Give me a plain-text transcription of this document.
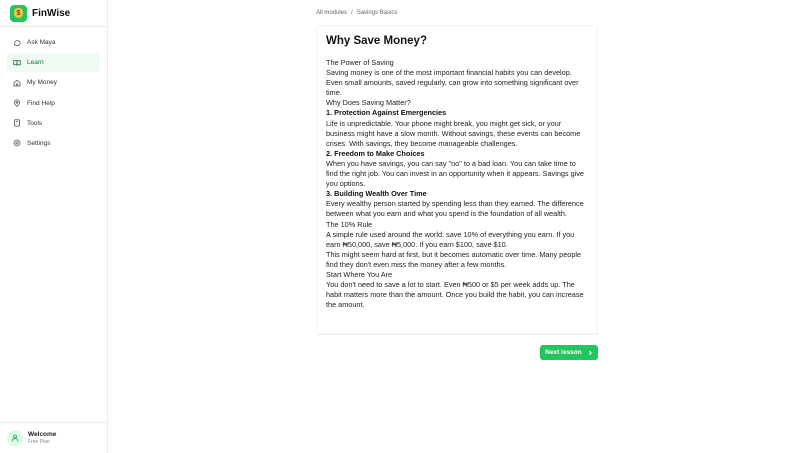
$ FinWise
Ask Maya
Learn
My Money
Find Help
Tools
Settings
Welcome
Free Plan
All modules / Savings Basics
Why Save Money?

The Power of Saving

Saving money is one of the most important financial habits you can develop. Even small amounts, saved regularly, can grow into something significant over time.

Why Does Saving Matter?

1. Protection Against Emergencies

Life is unpredictable. Your phone might break, you might get sick, or your business might have a slow month. Without savings, these events can become crises. With savings, they become manageable challenges.

2. Freedom to Make Choices

When you have savings, you can say "no" to a bad loan. You can take time to find the right job. You can invest in an opportunity when it appears. Savings give you options.

3. Building Wealth Over Time

Every wealthy person started by spending less than they earned. The difference between what you earn and what you spend is the foundation of all wealth.

The 10% Rule

A simple rule used around the world: save 10% of everything you earn. If you earn ₦50,000, save ₦5,000. If you earn $100, save $10.

This might seem hard at first, but it becomes automatic over time. Many people find they don't even miss the money after a few months.

Start Where You Are

You don't need to save a lot to start. Even ₦500 or $5 per week adds up. The habit matters more than the amount. Once you build the habit, you can increase the amount.

Next lesson
